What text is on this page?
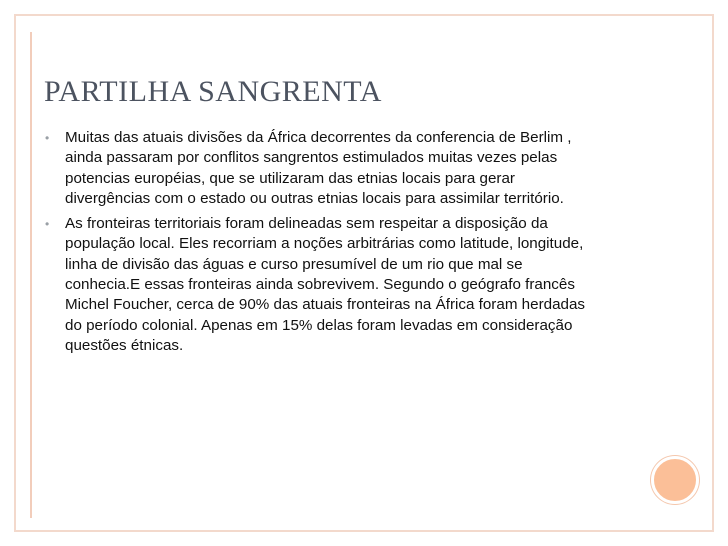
PARTILHA SANGRENTA
• Muitas das atuais divisões da África decorrentes da conferencia de Berlim ,
ainda passaram por conflitos sangrentos estimulados muitas vezes pelas
potencias européias, que se utilizaram das etnias locais para gerar
divergências com o estado ou outras etnias locais para assimilar território.
• As fronteiras territoriais foram delineadas sem respeitar a disposição da
população local. Eles recorriam a noções arbitrárias como latitude, longitude,
linha de divisão das águas e curso presumível de um rio que mal se
conhecia.E essas fronteiras ainda sobrevivem. Segundo o geógrafo francês
Michel Foucher, cerca de 90% das atuais fronteiras na África foram herdadas
do período colonial. Apenas em 15% delas foram levadas em consideração
questões étnicas.
